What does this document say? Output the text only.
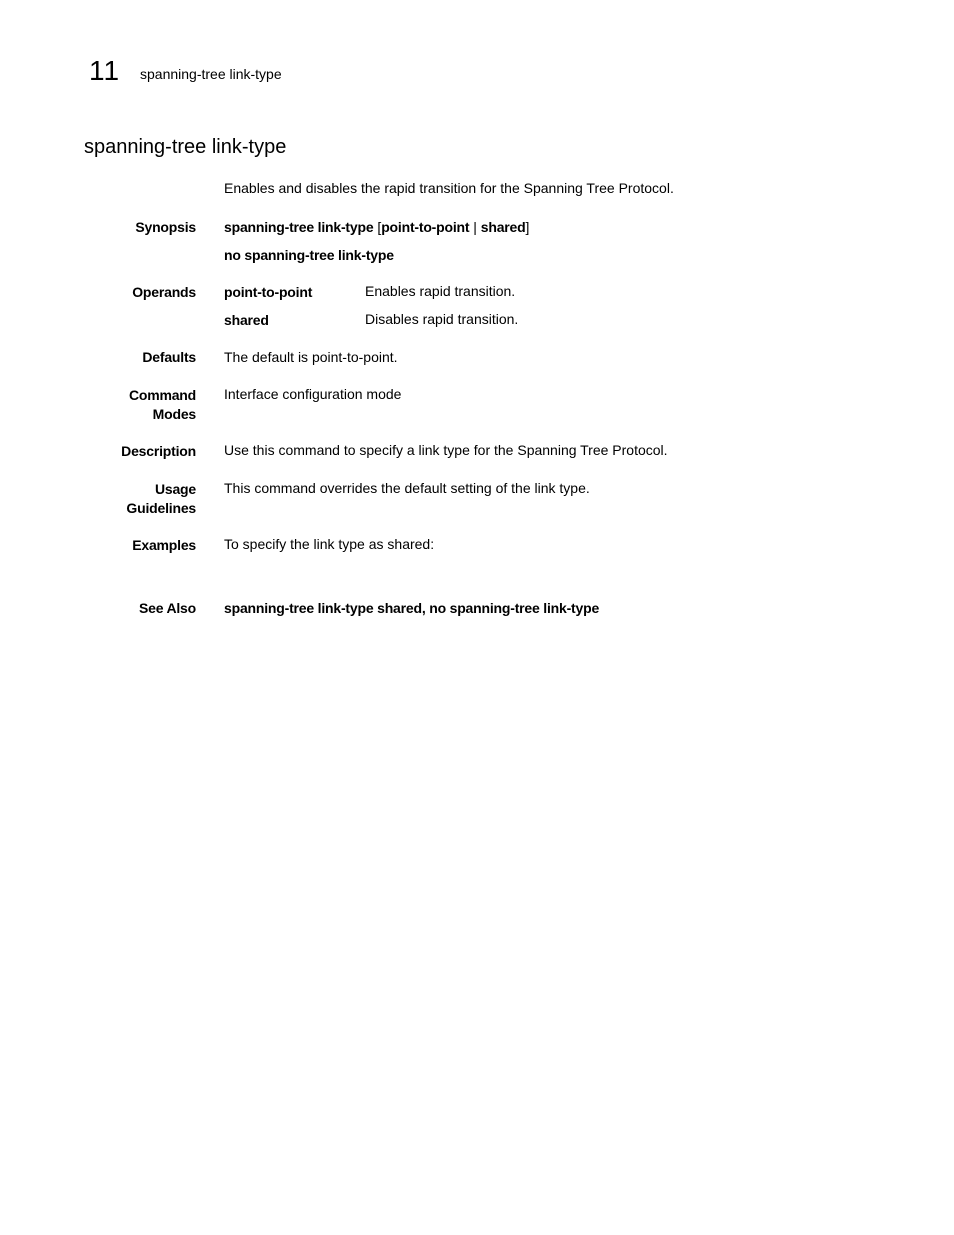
11 spanning-tree link-type
spanning-tree link-type
Enables and disables the rapid transition for the Spanning Tree Protocol.
Synopsis spanning-tree link-type [point-to-point | shared]
no spanning-tree link-type
Operands point-to-point	Enables rapid transition.
shared	Disables rapid transition.
Defaults The default is point-to-point.
Command
Modes
Interface configuration mode
Description Use this command to specify a link type for the Spanning Tree Protocol.
Usage
Guidelines
This command overrides the default setting of the link type.
Examples To specify the link type as shared:
See Also spanning-tree link-type shared, no spanning-tree link-type
